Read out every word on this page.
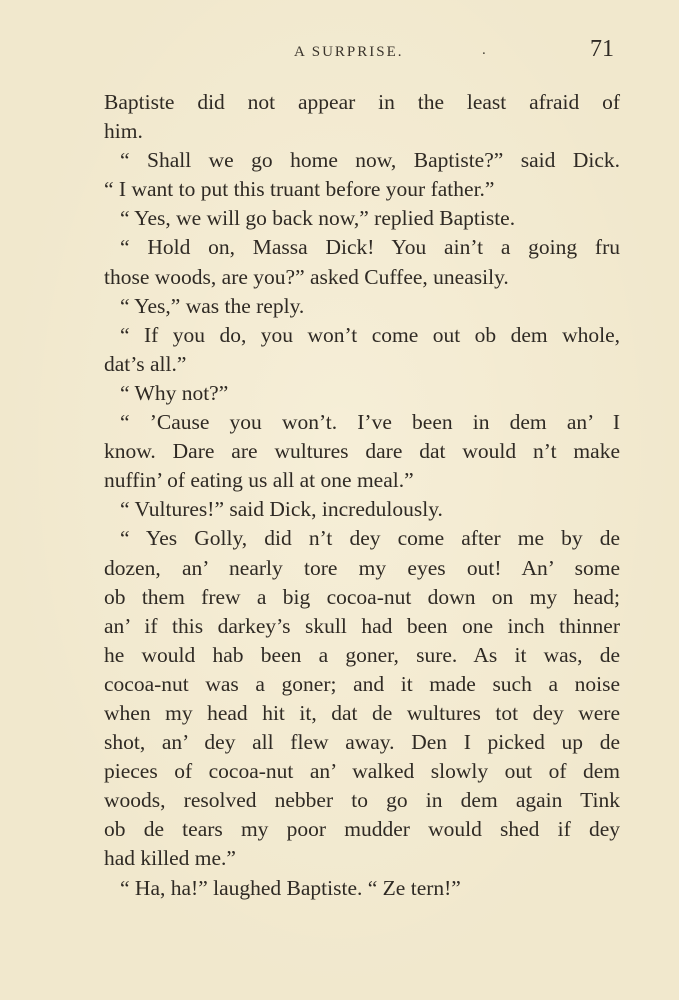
A SURPRISE.	.	71
Baptiste did not appear in the least afraid of
him.
“ Shall we go home now, Baptiste?” said Dick.
“ I want to put this truant before your father.”
“ Yes, we will go back now,” replied Baptiste.
“ Hold on, Massa Dick! You ain’t a going fru
those woods, are you?” asked Cuffee, uneasily.
“ Yes,” was the reply.
“ If you do, you won’t come out ob dem whole,
dat’s all.”
“ Why not?”
“ ’Cause you won’t. I’ve been in dem an’ I
know. Dare are wultures dare dat would n’t make
nuffin’ of eating us all at one meal.”
“ Vultures!” said Dick, incredulously.
“ Yes Golly, did n’t dey come after me by de
dozen, an’ nearly tore my eyes out! An’ some
ob them frew a big cocoa-nut down on my head;
an’ if this darkey’s skull had been one inch thinner
he would hab been a goner, sure. As it was, de
cocoa-nut was a goner; and it made such a noise
when my head hit it, dat de wultures tot dey were
shot, an’ dey all flew away. Den I picked up de
pieces of cocoa-nut an’ walked slowly out of dem
woods, resolved nebber to go in dem again Tink
ob de tears my poor mudder would shed if dey
had killed me.”
“ Ha, ha!” laughed Baptiste. “ Ze tern!”
